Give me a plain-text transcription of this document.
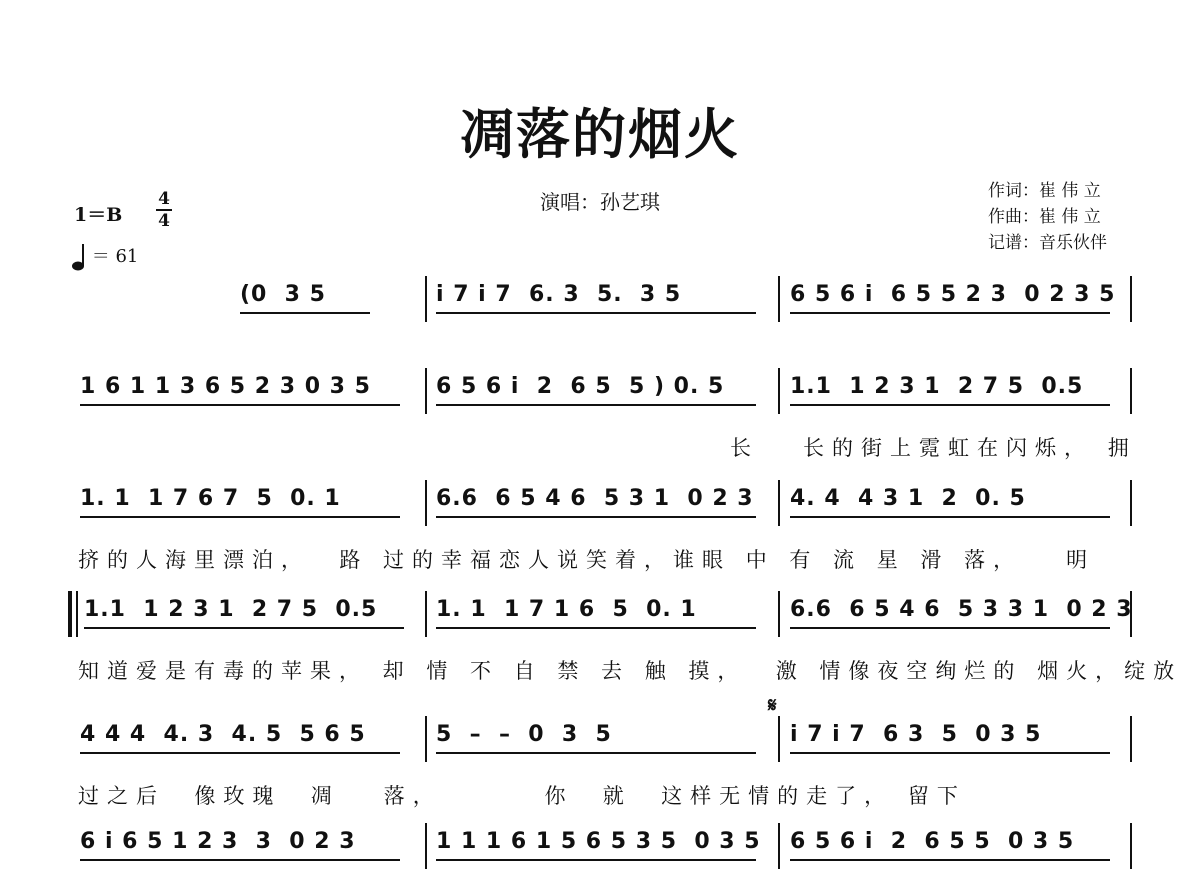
凋落的烟火
演唱：孙艺琪	作词：崔 伟 立
作曲：崔 伟 立
记谱：音乐伙伴
1＝B
4
4
＝ 61
𝄋
(0  3 5	i 7 i 7  6. 3  5.  3 5	6 5 6 i  6 5 5 2 3  0 2 3 5
1 6 1 1 3 6 5 2 3 0 3 5	6 5 6 i  2  6 5  5 ) 0. 5	1.1  1 2 3 1  2 7 5  0.5
长   长的街上霓虹在闪烁， 拥
1. 1  1 7 6 7  5  0. 1	6.6  6 5 4 6  5 3 1  0 2 3 4. 4  4 3 1  2  0. 5
挤的人海里漂泊，  路 过的幸福恋人说笑着，谁眼 中 有 流 星 滑 落，   明
1.1  1 2 3 1  2 7 5  0.5	1. 1  1 7 1 6  5  0. 1	6.6  6 5 4 6  5 3 3 1  0 2 3
知道爱是有毒的苹果， 却 情 不 自 禁 去 触 摸，  激 情像夜空绚烂的 烟火，绽放
4 4 4  4. 3  4. 5  5 6 5	5  –  –  0  3  5	i 7 i 7  6 3  5  0 3 5
过之后  像玫瑰  凋   落，       你  就  这样无情的走了， 留下
6 i 6 5 1 2 3  3  0 2 3	1 1 1 6 1 5 6 5 3 5  0 3 5 6 5 6 i  2  6 5 5  0 3 5
